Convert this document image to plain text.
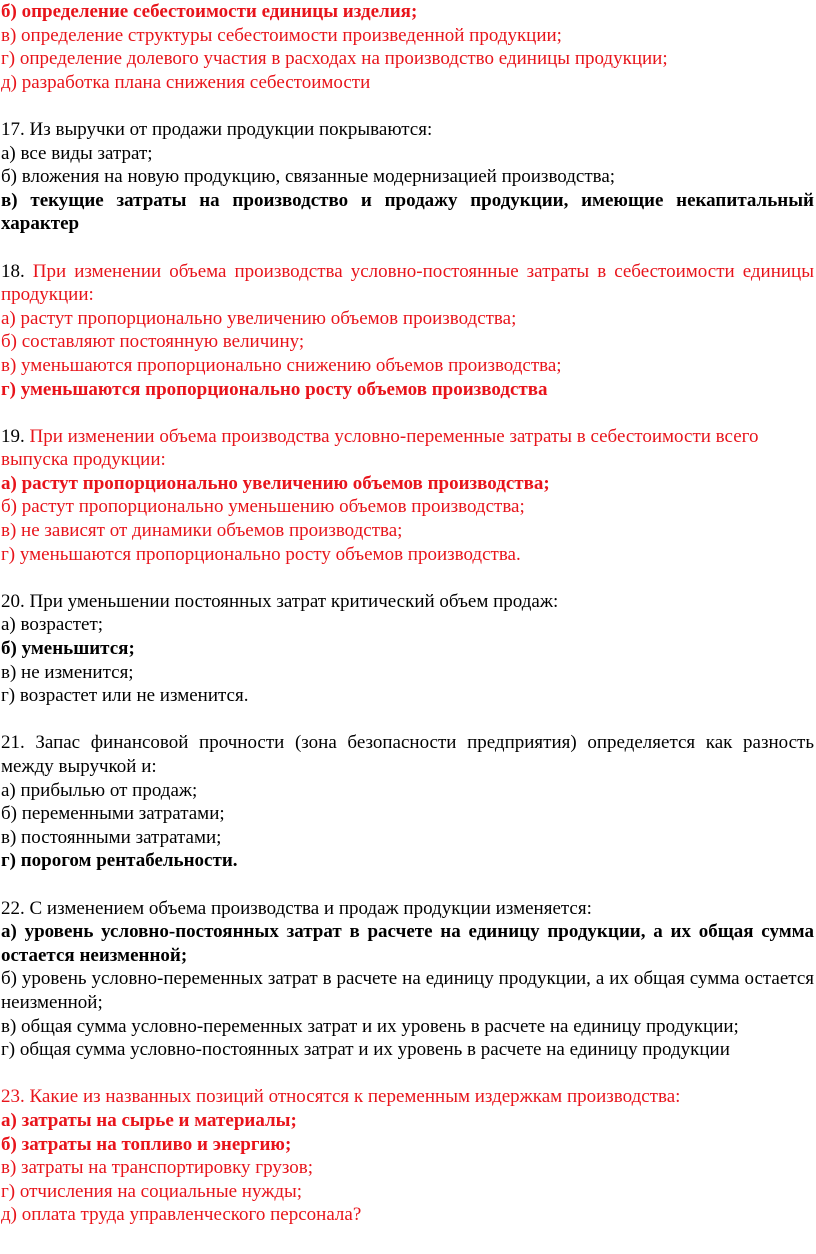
б) определение себестоимости единицы изделия;
в) определение структуры себестоимости произведенной продукции;
г) определение долевого участия в расходах на производство единицы продукции;
д) разработка плана снижения себестоимости
17. Из выручки от продажи продукции покрываются:
а) все виды затрат;
б) вложения на новую продукцию, связанные модернизацией производства;
в) текущие затраты на производство и продажу продукции, имеющие некапитальный характер
18. При изменении объема производства условно-постоянные затраты в себестоимости единицы продукции:
а) растут пропорционально увеличению объемов производства;
б) составляют постоянную величину;
в) уменьшаются пропорционально снижению объемов производства;
г) уменьшаются пропорционально росту объемов производства
19. При изменении объема производства условно-переменные затраты в себестоимости всего выпуска продукции:
а) растут пропорционально увеличению объемов производства;
б) растут пропорционально уменьшению объемов производства;
в) не зависят от динамики объемов производства;
г) уменьшаются пропорционально росту объемов производства.
20. При уменьшении постоянных затрат критический объем продаж:
а) возрастет;
б) уменьшится;
в) не изменится;
г) возрастет или не изменится.
21. Запас финансовой прочности (зона безопасности предприятия) определяется как разность между выручкой и:
а) прибылью от продаж;
б) переменными затратами;
в) постоянными затратами;
г) порогом рентабельности.
22. С изменением объема производства и продаж продукции изменяется:
а) уровень условно-постоянных затрат в расчете на единицу продукции, а их общая сумма остается неизменной;
б) уровень условно-переменных затрат в расчете на единицу продукции, а их общая сумма остается неизменной;
в) общая сумма условно-переменных затрат и их уровень в расчете на единицу продукции;
г) общая сумма условно-постоянных затрат и их уровень в расчете на единицу продукции
23. Какие из названных позиций относятся к переменным издержкам производства:
а) затраты на сырье и материалы;
б) затраты на топливо и энергию;
в) затраты на транспортировку грузов;
г) отчисления на социальные нужды;
д) оплата труда управленческого персонала?
